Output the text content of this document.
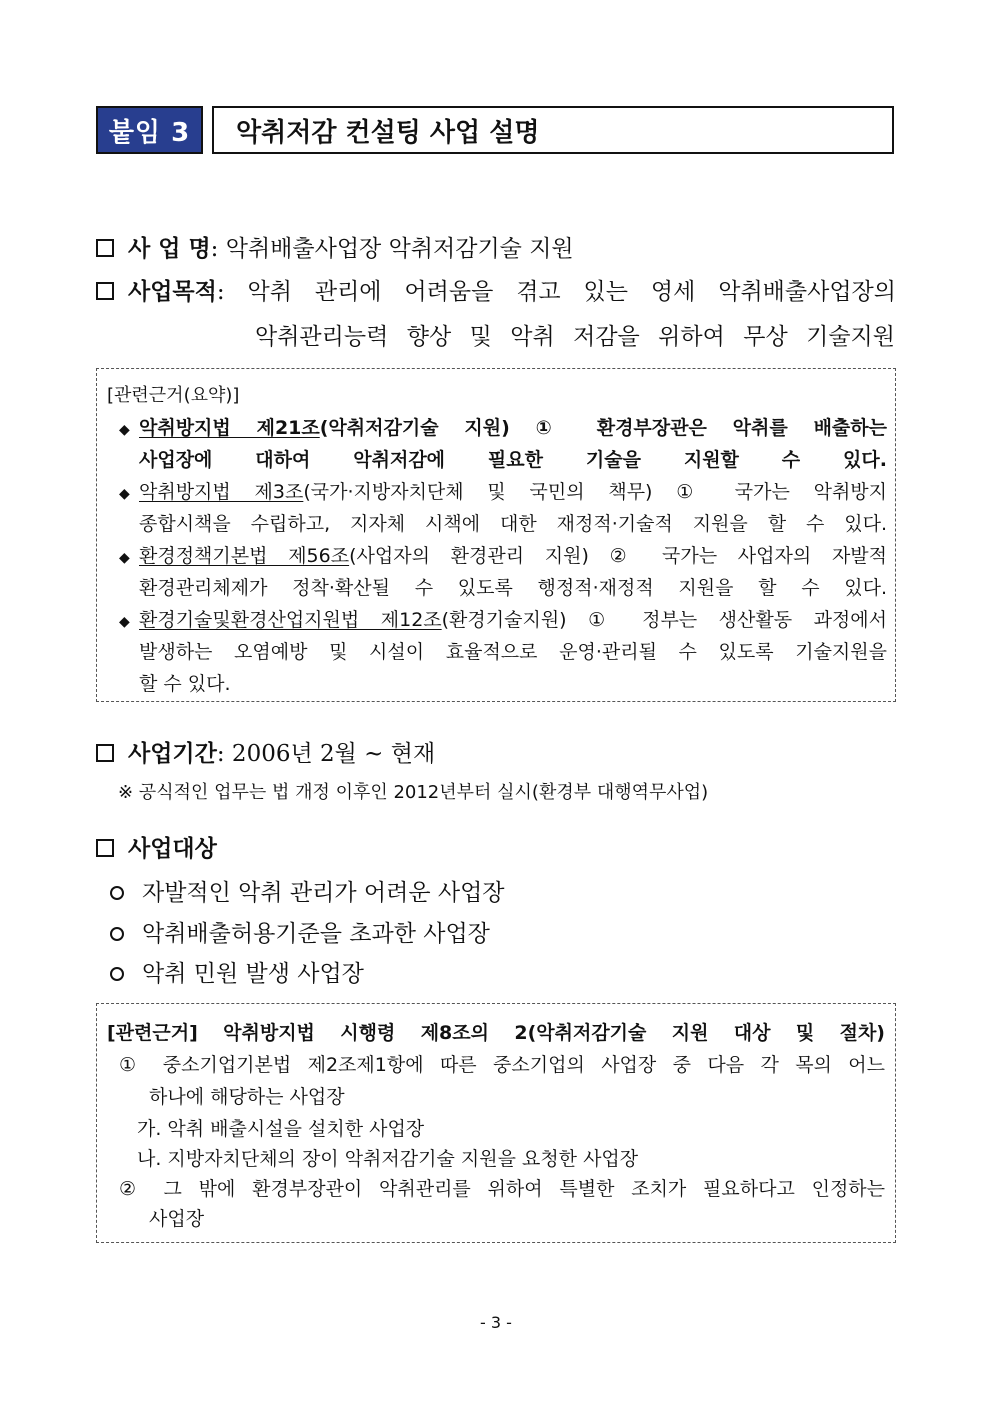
붙임 3	악취저감 컨설팅 사업 설명
사 업 명: 악취배출사업장 악취저감기술 지원
사업목적: 악취 관리에 어려움을 겪고 있는 영세 악취배출사업장의
악취관리능력 향상 및 악취 저감을 위하여 무상 기술지원
[관련근거(요약)]
◆ 악취방지법 제21조(악취저감기술 지원) ① 환경부장관은 악취를 배출하는
사업장에 대하여 악취저감에 필요한 기술을 지원할 수 있다.
◆ 악취방지법 제3조(국가·지방자치단체 및 국민의 책무) ① 국가는 악취방지
종합시책을 수립하고, 지자체 시책에 대한 재정적·기술적 지원을 할 수 있다.
◆ 환경정책기본법 제56조(사업자의 환경관리 지원) ② 국가는 사업자의 자발적
환경관리체제가 정착·확산될 수 있도록 행정적·재정적 지원을 할 수 있다.
◆ 환경기술및환경산업지원법 제12조(환경기술지원) ① 정부는 생산활동 과정에서
발생하는 오염예방 및 시설이 효율적으로 운영·관리될 수 있도록 기술지원을
할 수 있다.
사업기간: 2006년 2월 ~ 현재
※ 공식적인 업무는 법 개정 이후인 2012년부터 실시(환경부 대행역무사업)
사업대상
자발적인 악취 관리가 어려운 사업장
악취배출허용기준을 초과한 사업장
악취 민원 발생 사업장
[관련근거] 악취방지법 시행령 제8조의 2(악취저감기술 지원 대상 및 절차)
① 중소기업기본법 제2조제1항에 따른 중소기업의 사업장 중 다음 각 목의 어느
하나에 해당하는 사업장
가. 악취 배출시설을 설치한 사업장
나. 지방자치단체의 장이 악취저감기술 지원을 요청한 사업장
② 그 밖에 환경부장관이 악취관리를 위하여 특별한 조치가 필요하다고 인정하는
사업장
- 3 -
